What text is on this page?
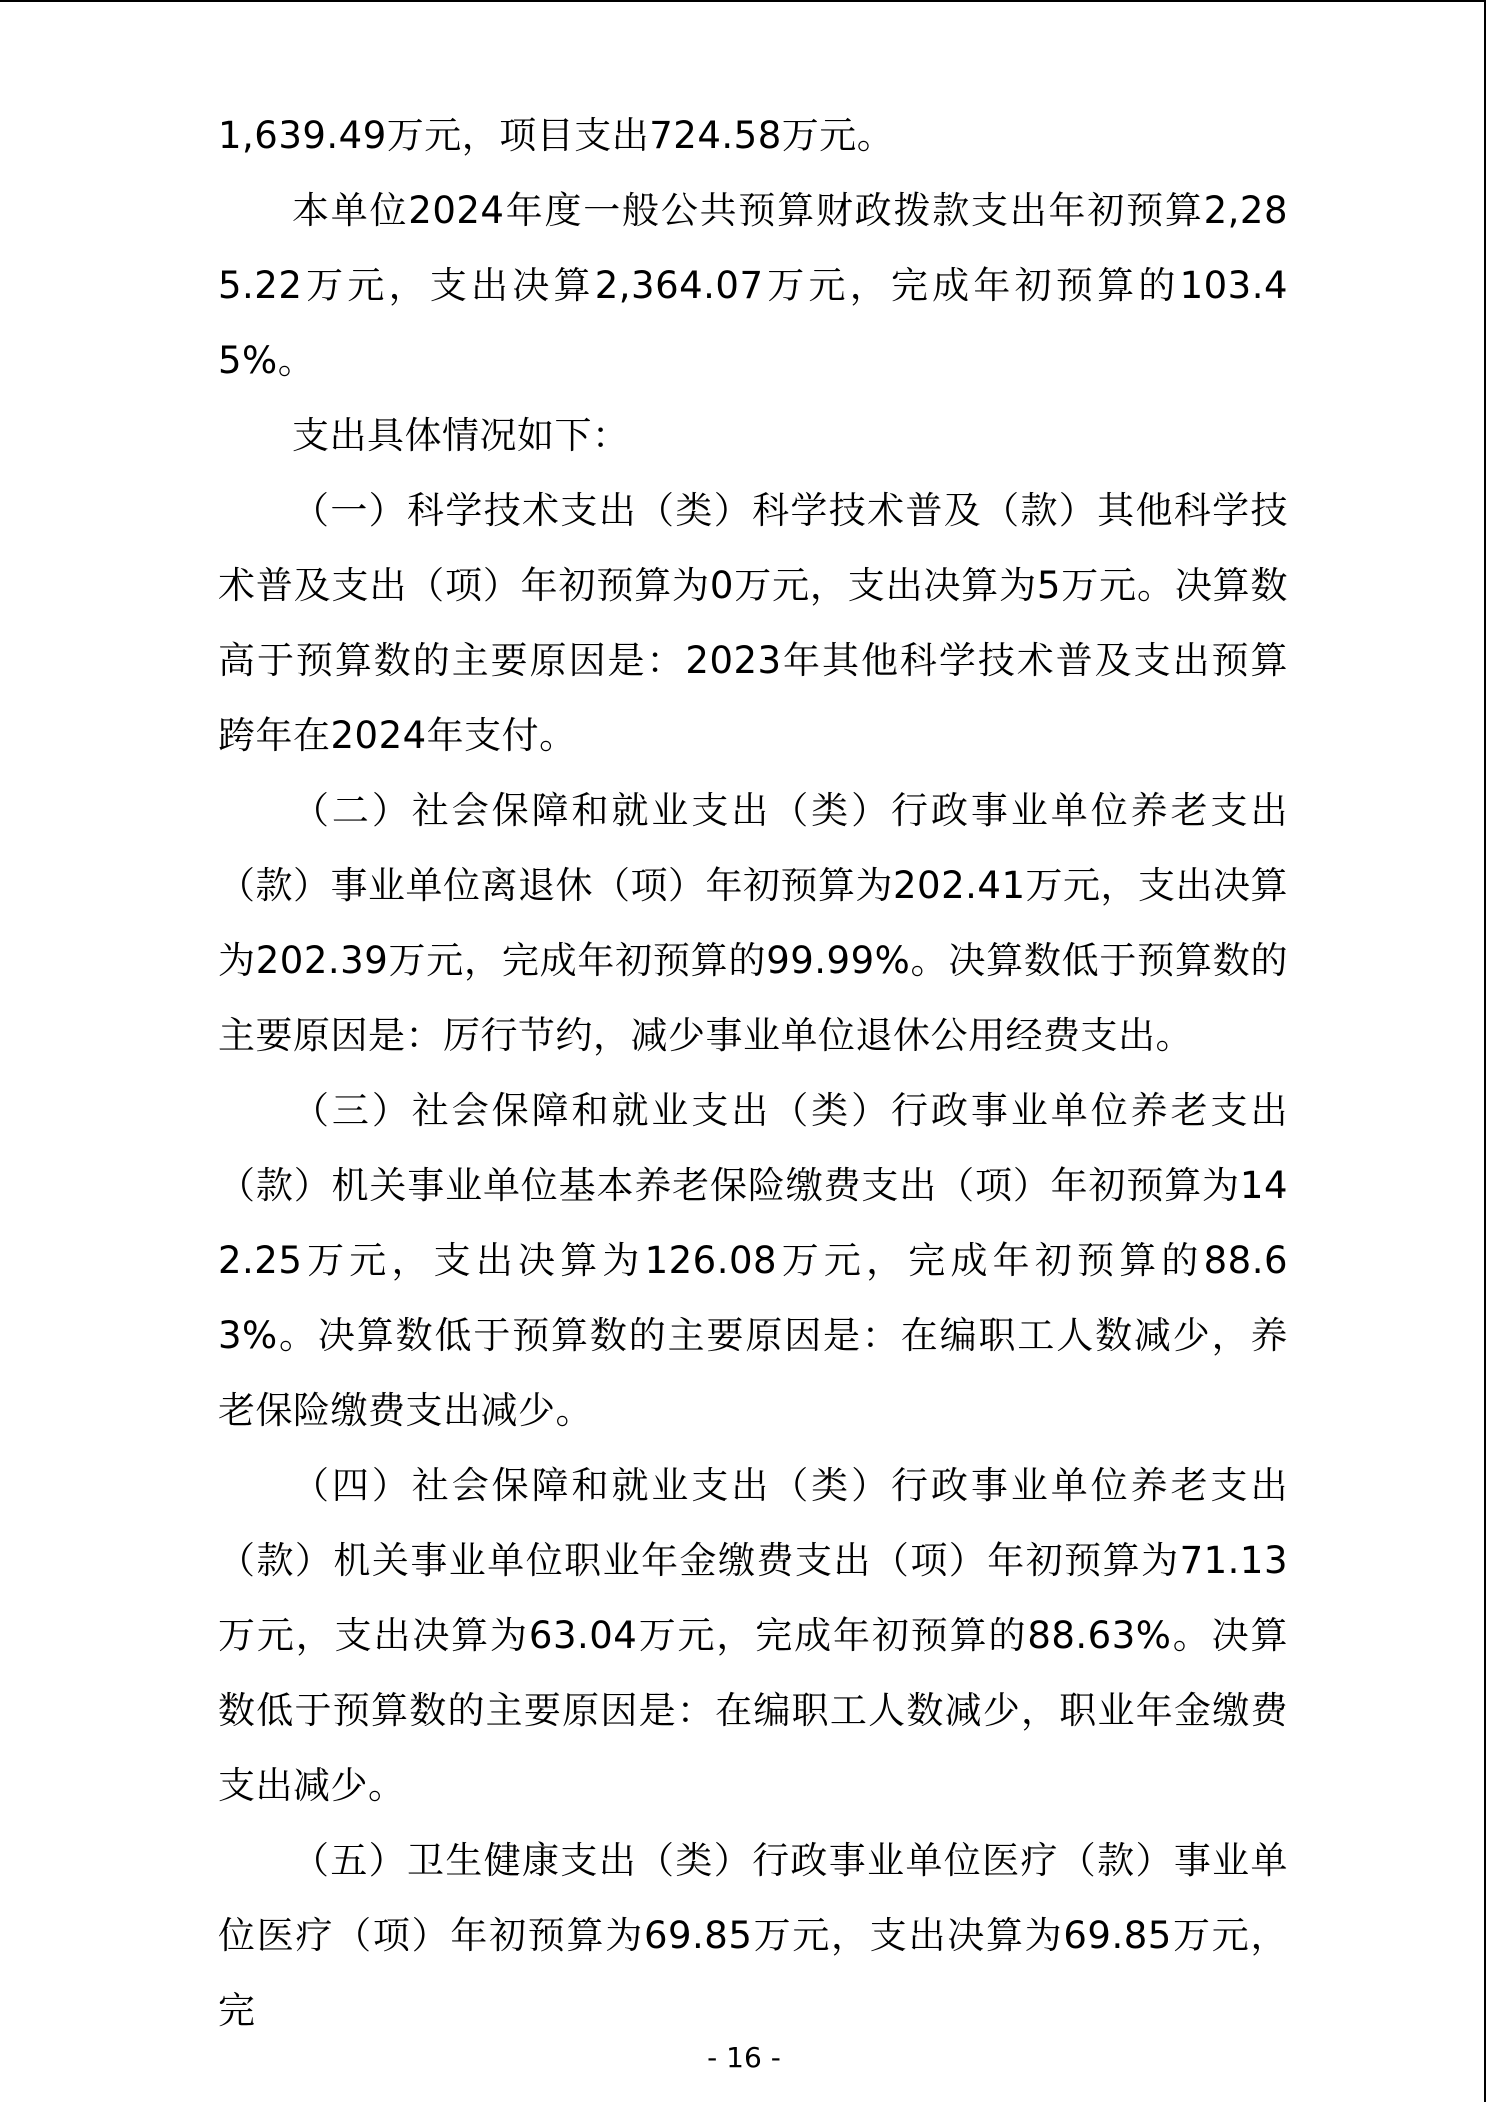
1,639.49万元，项目支出724.58万元。

本单位2024年度一般公共预算财政拨款支出年初预算2,285.22万元，支出决算2,364.07万元，完成年初预算的103.45%。

支出具体情况如下：

（一）科学技术支出（类）科学技术普及（款）其他科学技术普及支出（项）年初预算为0万元，支出决算为5万元。决算数高于预算数的主要原因是：2023年其他科学技术普及支出预算跨年在2024年支付。

（二）社会保障和就业支出（类）行政事业单位养老支出（款）事业单位离退休（项）年初预算为202.41万元，支出决算为202.39万元，完成年初预算的99.99%。决算数低于预算数的主要原因是：厉行节约，减少事业单位退休公用经费支出。

（三）社会保障和就业支出（类）行政事业单位养老支出（款）机关事业单位基本养老保险缴费支出（项）年初预算为142.25万元，支出决算为126.08万元，完成年初预算的88.63%。决算数低于预算数的主要原因是：在编职工人数减少，养老保险缴费支出减少。

（四）社会保障和就业支出（类）行政事业单位养老支出（款）机关事业单位职业年金缴费支出（项）年初预算为71.13万元，支出决算为63.04万元，完成年初预算的88.63%。决算数低于预算数的主要原因是：在编职工人数减少，职业年金缴费支出减少。

（五）卫生健康支出（类）行政事业单位医疗（款）事业单位医疗（项）年初预算为69.85万元，支出决算为69.85万元，完

- 16 -
